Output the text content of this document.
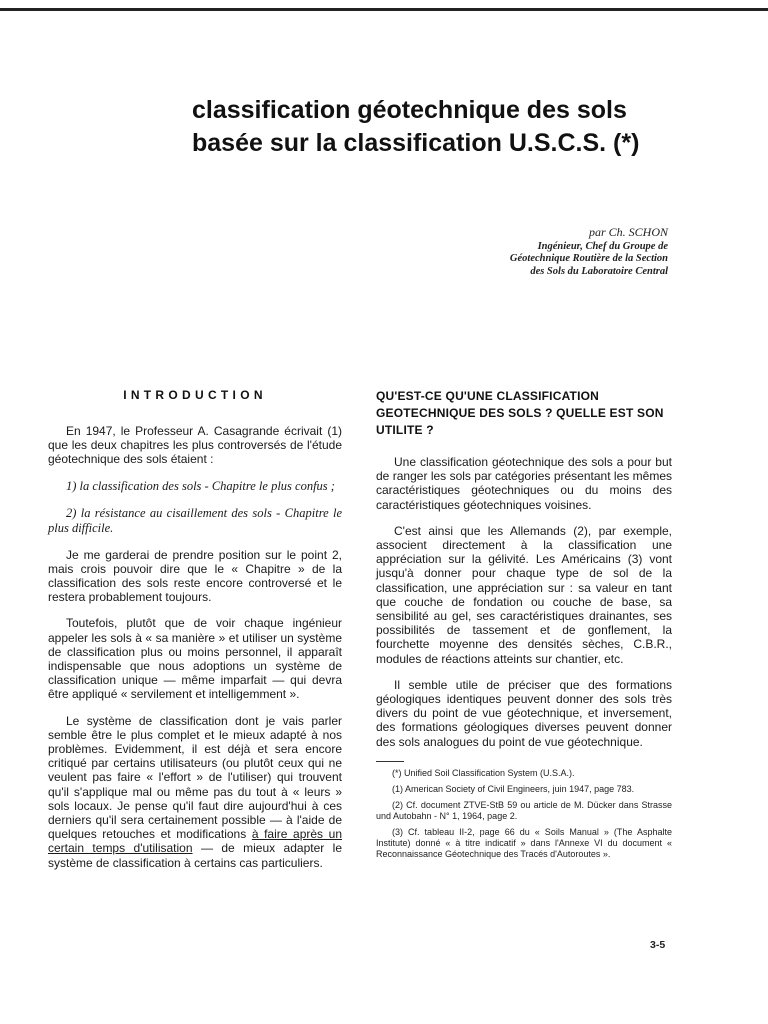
classification géotechnique des sols
basée sur la classification U.S.C.S. (*)
par Ch. SCHON
Ingénieur, Chef du Groupe de
Géotechnique Routière de la Section
des Sols du Laboratoire Central
INTRODUCTION

En 1947, le Professeur A. Casagrande écrivait (1) que les deux chapitres les plus controversés de l'étude géotechnique des sols étaient :

1) la classification des sols - Chapitre le plus confus ;

2) la résistance au cisaillement des sols - Chapitre le plus difficile.

Je me garderai de prendre position sur le point 2, mais crois pouvoir dire que le « Chapitre » de la classification des sols reste encore controversé et le restera probablement toujours.

Toutefois, plutôt que de voir chaque ingénieur appeler les sols à « sa manière » et utiliser un système de classification plus ou moins personnel, il apparaît indispensable que nous adoptions un système de classification unique — même imparfait — qui devra être appliqué « servilement et intelligemment ».

Le système de classification dont je vais parler semble être le plus complet et le mieux adapté à nos problèmes. Evidemment, il est déjà et sera encore critiqué par certains utilisateurs (ou plutôt ceux qui ne veulent pas faire « l'effort » de l'utiliser) qui trouvent qu'il s'applique mal ou même pas du tout à « leurs » sols locaux. Je pense qu'il faut dire aujourd'hui à ces derniers qu'il sera certainement possible — à l'aide de quelques retouches et modifications à faire après un certain temps d'utilisation — de mieux adapter le système de classification à certains cas particuliers.

QU'EST-CE QU'UNE CLASSIFICATION GEOTECHNIQUE DES SOLS ? QUELLE EST SON UTILITE ?

Une classification géotechnique des sols a pour but de ranger les sols par catégories présentant les mêmes caractéristiques géotechniques ou du moins des caractéristiques géotechniques voisines.

C'est ainsi que les Allemands (2), par exemple, associent directement à la classification une appréciation sur la gélivité. Les Américains (3) vont jusqu'à donner pour chaque type de sol de la classification, une appréciation sur : sa valeur en tant que couche de fondation ou couche de base, sa sensibilité au gel, ses caractéristiques drainantes, ses possibilités de tassement et de gonflement, la fourchette moyenne des densités sèches, C.B.R., modules de réactions atteints sur chantier, etc.

Il semble utile de préciser que des formations géologiques identiques peuvent donner des sols très divers du point de vue géotechnique, et inversement, des formations géologiques diverses peuvent donner des sols analogues du point de vue géotechnique.

(*) Unified Soil Classification System (U.S.A.).
(1) American Society of Civil Engineers, juin 1947, page 783.
(2) Cf. document ZTVE-StB 59 ou article de M. Dücker dans Strasse und Autobahn - N° 1, 1964, page 2.
(3) Cf. tableau II-2, page 66 du « Soils Manual » (The Asphalte Institute) donné « à titre indicatif » dans l'Annexe VI du document « Reconnaissance Géotechnique des Tracés d'Autoroutes ».
3-5
